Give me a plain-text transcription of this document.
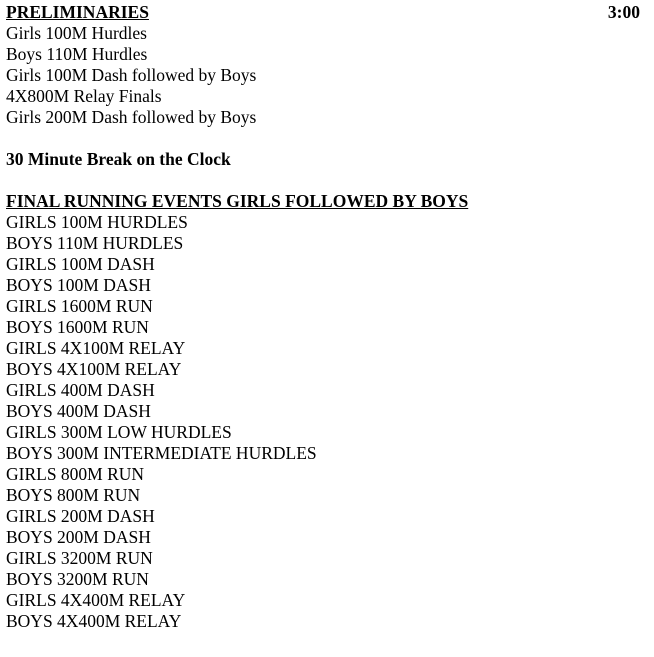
PRELIMINARIES	3:00
Girls 100M Hurdles
Boys 110M Hurdles
Girls 100M Dash followed by Boys
4X800M Relay Finals
Girls 200M Dash followed by Boys
30 Minute Break on the Clock
FINAL RUNNING EVENTS GIRLS FOLLOWED BY BOYS
GIRLS 100M HURDLES
BOYS 110M HURDLES
GIRLS 100M DASH
BOYS 100M DASH
GIRLS 1600M RUN
BOYS 1600M RUN
GIRLS 4X100M RELAY
BOYS 4X100M RELAY
GIRLS 400M DASH
BOYS 400M DASH
GIRLS 300M LOW HURDLES
BOYS 300M INTERMEDIATE HURDLES
GIRLS 800M RUN
BOYS 800M RUN
GIRLS 200M DASH
BOYS 200M DASH
GIRLS 3200M RUN
BOYS 3200M RUN
GIRLS 4X400M RELAY
BOYS 4X400M RELAY
